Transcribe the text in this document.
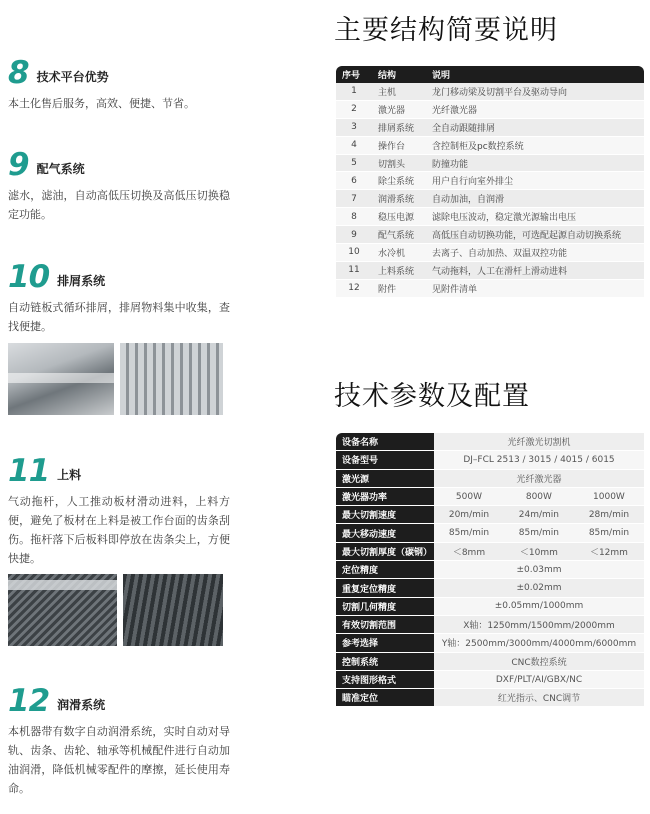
8 技术平台优势
本土化售后服务，高效、便捷、节省。
9 配气系统
滤水，滤油，自动高低压切换及高低压切换稳定功能。
10 排屑系统
自动链板式循环排屑，排屑物料集中收集，查找便捷。
11 上料
气动拖杆，人工推动板材滑动进料，上料方便，避免了板材在上料是被工作台面的齿条刮伤。拖杆落下后板料即停放在齿条尖上，方便快捷。
12 润滑系统
本机器带有数字自动润滑系统，实时自动对导轨、齿条、齿轮、轴承等机械配件进行自动加油润滑，降低机械零配件的摩擦，延长使用寿命。
主要结构简要说明
序号	结构	说明
1	主机	龙门移动梁及切割平台及驱动导向
2	激光器	光纤激光器
3	排屑系统	全自动跟随排屑
4	操作台	含控制柜及pc数控系统
5	切割头	防撞功能
6	除尘系统	用户自行向室外排尘
7	润滑系统	自动加油，自润滑
8	稳压电源	滤除电压波动，稳定激光源输出电压
9	配气系统	高低压自动切换功能，可选配起源自动切换系统
10	水冷机	去离子、自动加热、双温双控功能
11	上料系统	气动拖料，人工在滑杆上滑动进料
12	附件	见附件清单
技术参数及配置
设备名称	光纤激光切割机		
设备型号	DJ–FCL 2513 / 3015 / 4015 / 6015		
激光源	光纤激光器		
激光器功率	500W	800W	1000W
最大切割速度	20m/min	24m/min	28m/min
最大移动速度	85m/min	85m/min	85m/min
最大切割厚度（碳钢）	＜8mm	＜10mm	＜12mm
定位精度	±0.03mm		
重复定位精度	±0.02mm		
切割几何精度	±0.05mm/1000mm		
有效切割范围	X轴：1250mm/1500mm/2000mm		
参考选择	Y轴：2500mm/3000mm/4000mm/6000mm		
控制系统	CNC数控系统		
支持图形格式	DXF/PLT/AI/GBX/NC		
瞄准定位	红光指示、CNC调节		
